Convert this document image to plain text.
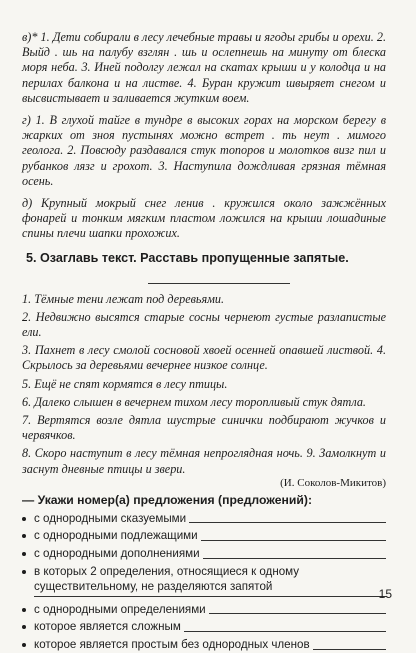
в)* 1. Дети собирали в лесу лечебные травы и ягоды грибы и орехи. 2. Выйд . шь на палубу взглян . шь и ослепнешь на минуту от блеска моря неба. 3. Иней подолгу лежал на скатах крыши и у колодца и на перилах балкона и на листве. 4. Буран кружит швыряет снегом и высвистывает и заливается жутким воем.

г) 1. В глухой тайге в тундре в высоких горах на морском берегу в жарких от зноя пустынях можно встрет . ть неут . мимого геолога. 2. Повсюду раздавался стук топоров и молотков визг пил и рубанков лязг и грохот. 3. Наступила дождливая грязная тёмная осень.

д) Крупный мокрый снег ленив . кружился около зажжённых фонарей и тонким мягким пластом ложился на крыши лошадиные спины плечи шапки прохожих.

5. Озаглавь текст. Расставь пропущенные запятые.

1. Тёмные тени лежат под деревьями.

2. Недвижно высятся старые сосны чернеют густые разлапистые ели.

3. Пахнет в лесу смолой сосновой хвоей осенней опавшей листвой. 4. Скрылось за деревьями вечернее низкое солнце.

5. Ещё не спят кормятся в лесу птицы.

6. Далеко слышен в вечернем тихом лесу торопливый стук дятла.

7. Вертятся возле дятла шустрые синички подбирают жучков и червячков.

8. Скоро наступит в лесу тёмная непроглядная ночь. 9. Замолкнут и заснут дневные птицы и звери.

(И. Соколов-Микитов)
— Укажи номер(а) предложения (предложений):
с однородными сказуемыми
с однородными подлежащими
с однородными дополнениями
в которых 2 определения, относящиеся к одному существительному, не разделяются запятой
с однородными определениями
которое является сложным
которое является простым без однородных членов
15
